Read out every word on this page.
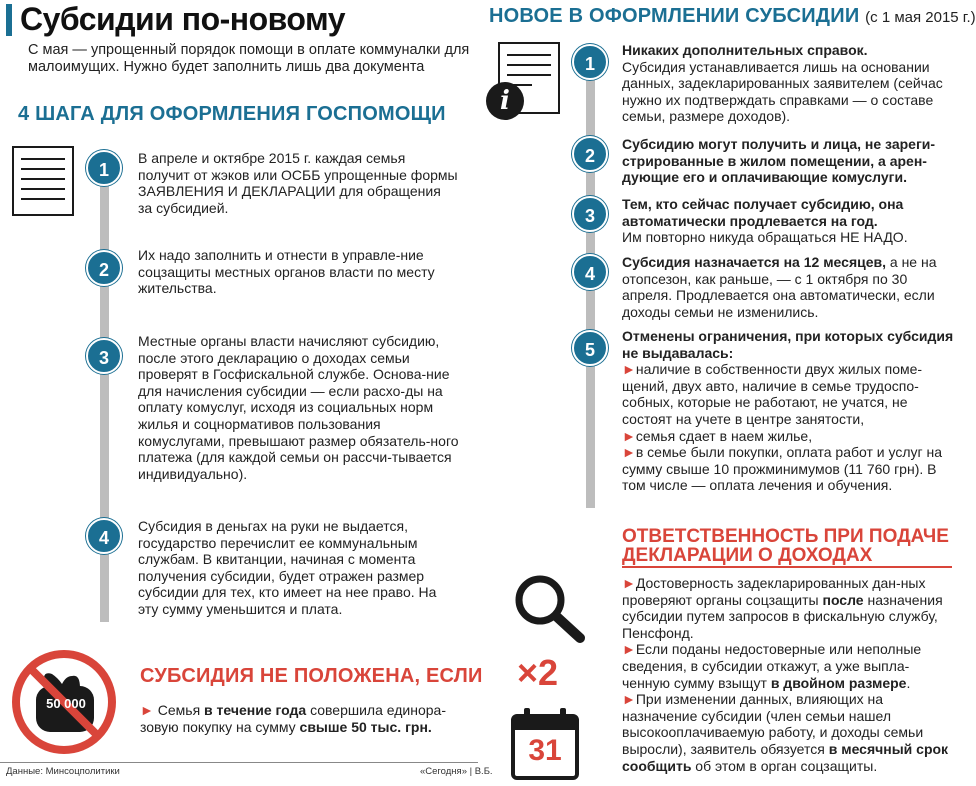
Субсидии по-новому

С мая — упрощенный порядок помощи в оплате коммуналки для малоимущих. Нужно будет заполнить лишь два документа

4 ШАГА ДЛЯ ОФОРМЛЕНИЯ ГОСПОМОЩИ
1

В апреле и октябре 2015 г. каждая семья получит от жэков или ОСББ упрощенные формы ЗАЯВЛЕНИЯ И ДЕКЛАРАЦИИ для обращения за субсидией.

2

Их надо заполнить и отнести в управле-ние соцзащиты местных органов власти по месту жительства.

3

Местные органы власти начисляют субсидию, после этого декларацию о доходах семьи проверят в Госфискальной службе. Основа-ние для начисления субсидии — если расхо-ды на оплату комуслуг, исходя из социальных норм жилья и соцнормативов пользования комуслугами, превышают размер обязатель-ного платежа (для каждой семьи он рассчи-тывается индивидуально).

4

Субсидия в деньгах на руки не выдается, государство перечислит ее коммунальным службам. В квитанции, начиная с момента получения субсидии, будет отражен размер субсидии для тех, кто имеет на нее право. На эту сумму уменьшится и плата.

50 000
СУБСИДИЯ НЕ ПОЛОЖЕНА, ЕСЛИ

► Семья в течение года совершила единора-зовую покупку на сумму свыше 50 тыс. грн.

Данные: Минсоцполитики	«Сегодня» | В.Б.
НОВОЕ В ОФОРМЛЕНИИ СУБСИДИИ (с 1 мая 2015 г.)
i
1

Никаких дополнительных справок.
Субсидия устанавливается лишь на основании данных, задекларированных заявителем (сейчас нужно их подтверждать справками — о составе семьи, размере доходов).

2

Субсидию могут получить и лица, не зареги-стрированные в жилом помещении, а арен-дующие его и оплачивающие комуслуги.

3

Тем, кто сейчас получает субсидию, она автоматически продлевается на год.
Им повторно никуда обращаться НЕ НАДО.

4

Субсидия назначается на 12 месяцев, а не на отопсезон, как раньше, — с 1 октября по 30 апреля. Продлевается она автоматически, если доходы семьи не изменились.

5
Отменены ограничения, при которых субсидия не выдавалась:
►наличие в собственности двух жилых поме-щений, двух авто, наличие в семье трудоспо-собных, которые не работают, не учатся, не состоят на учете в центре занятости,
►семья сдает в наем жилье,
►в семье были покупки, оплата работ и услуг на сумму свыше 10 прожминимумов (11 760 грн). В том числе — оплата лечения и обучения.
ОТВЕТСТВЕННОСТЬ ПРИ ПОДАЧЕ ДЕКЛАРАЦИИ О ДОХОДАХ
►Достоверность задекларированных дан-ных проверяют органы соцзащиты после назначения субсидии путем запросов в фискальную службу, Пенсфонд.
►Если поданы недостоверные или неполные сведения, в субсидии откажут, а уже выпла-ченную сумму взыщут в двойном размере.
►При изменении данных, влияющих на назначение субсидии (член семьи нашел высокооплачиваемую работу, и доходы семьи выросли), заявитель обязуется в месячный срок сообщить об этом в орган соцзащиты.
×2
31
